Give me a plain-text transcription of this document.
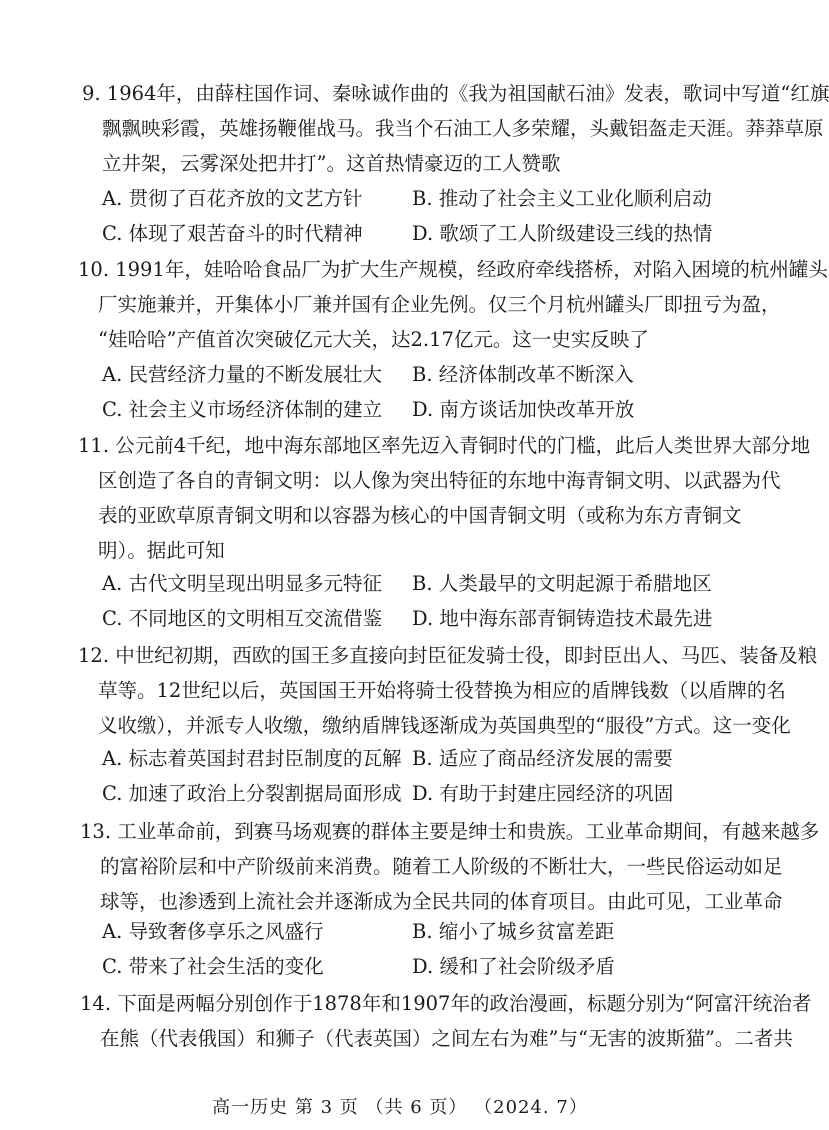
9. 1964年，由薛柱国作词、秦咏诚作曲的《我为祖国献石油》发表，歌词中写道“红旗
飘飘映彩霞，英雄扬鞭催战马。我当个石油工人多荣耀，头戴铝盔走天涯。莽莽草原
立井架，云雾深处把井打”。这首热情豪迈的工人赞歌
A. 贯彻了百花齐放的文艺方针	B. 推动了社会主义工业化顺利启动
C. 体现了艰苦奋斗的时代精神	D. 歌颂了工人阶级建设三线的热情
10. 1991年，娃哈哈食品厂为扩大生产规模，经政府牵线搭桥，对陷入困境的杭州罐头
厂实施兼并，开集体小厂兼并国有企业先例。仅三个月杭州罐头厂即扭亏为盈，
“娃哈哈”产值首次突破亿元大关，达2.17亿元。这一史实反映了
A. 民营经济力量的不断发展壮大 B. 经济体制改革不断深入
C. 社会主义市场经济体制的建立 D. 南方谈话加快改革开放
11. 公元前4千纪，地中海东部地区率先迈入青铜时代的门槛，此后人类世界大部分地
区创造了各自的青铜文明：以人像为突出特征的东地中海青铜文明、以武器为代
表的亚欧草原青铜文明和以容器为核心的中国青铜文明（或称为东方青铜文
明）。据此可知
A. 古代文明呈现出明显多元特征 B. 人类最早的文明起源于希腊地区
C. 不同地区的文明相互交流借鉴 D. 地中海东部青铜铸造技术最先进
12. 中世纪初期，西欧的国王多直接向封臣征发骑士役，即封臣出人、马匹、装备及粮
草等。12世纪以后，英国国王开始将骑士役替换为相应的盾牌钱数（以盾牌的名
义收缴），并派专人收缴，缴纳盾牌钱逐渐成为英国典型的“服役”方式。这一变化
A. 标志着英国封君封臣制度的瓦解 B. 适应了商品经济发展的需要
C. 加速了政治上分裂割据局面形成 D. 有助于封建庄园经济的巩固
13. 工业革命前，到赛马场观赛的群体主要是绅士和贵族。工业革命期间，有越来越多
的富裕阶层和中产阶级前来消费。随着工人阶级的不断壮大，一些民俗运动如足
球等，也渗透到上流社会并逐渐成为全民共同的体育项目。由此可见，工业革命
A. 导致奢侈享乐之风盛行	B. 缩小了城乡贫富差距
C. 带来了社会生活的变化	D. 缓和了社会阶级矛盾
14. 下面是两幅分别创作于1878年和1907年的政治漫画，标题分别为“阿富汗统治者
在熊（代表俄国）和狮子（代表英国）之间左右为难”与“无害的波斯猫”。二者共
高一历史 第 3 页 （共 6 页） （2024. 7）
